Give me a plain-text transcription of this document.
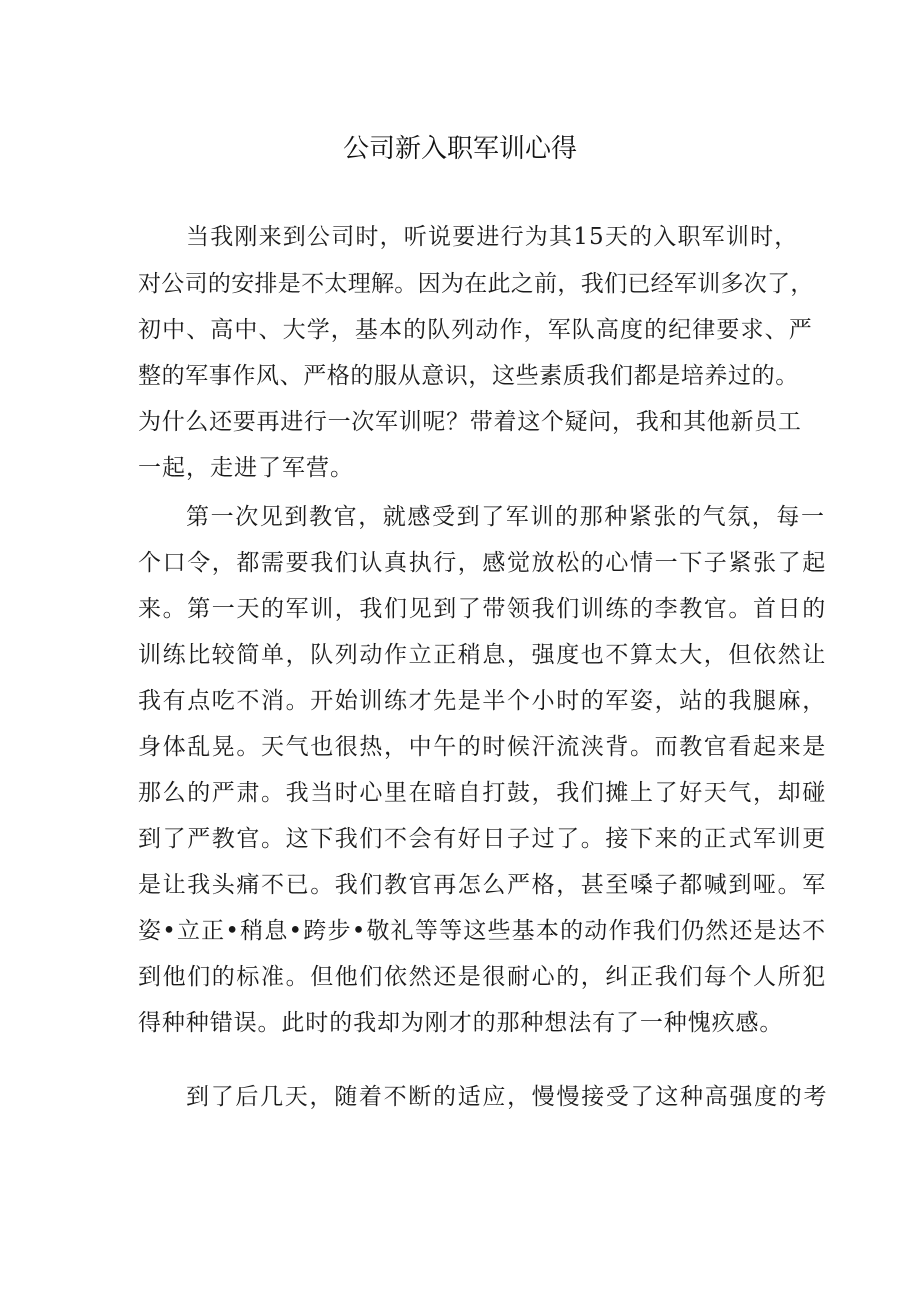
公司新入职军训心得
当我刚来到公司时，听说要进行为其15天的入职军训时，
对公司的安排是不太理解。因为在此之前，我们已经军训多次了，
初中、高中、大学，基本的队列动作，军队高度的纪律要求、严
整的军事作风、严格的服从意识，这些素质我们都是培养过的。
为什么还要再进行一次军训呢？带着这个疑问，我和其他新员工
一起，走进了军营。
第一次见到教官，就感受到了军训的那种紧张的气氛，每一
个口令，都需要我们认真执行，感觉放松的心情一下子紧张了起
来。第一天的军训，我们见到了带领我们训练的李教官。首日的
训练比较简单，队列动作立正稍息，强度也不算太大，但依然让
我有点吃不消。开始训练才先是半个小时的军姿，站的我腿麻，
身体乱晃。天气也很热，中午的时候汗流浃背。而教官看起来是
那么的严肃。我当时心里在暗自打鼓，我们摊上了好天气，却碰
到了严教官。这下我们不会有好日子过了。接下来的正式军训更
是让我头痛不已。我们教官再怎么严格，甚至嗓子都喊到哑。军
姿•立正•稍息•跨步•敬礼等等这些基本的动作我们仍然还是达不
到他们的标准。但他们依然还是很耐心的，纠正我们每个人所犯
得种种错误。此时的我却为刚才的那种想法有了一种愧疚感。
到了后几天，随着不断的适应，慢慢接受了这种高强度的考
